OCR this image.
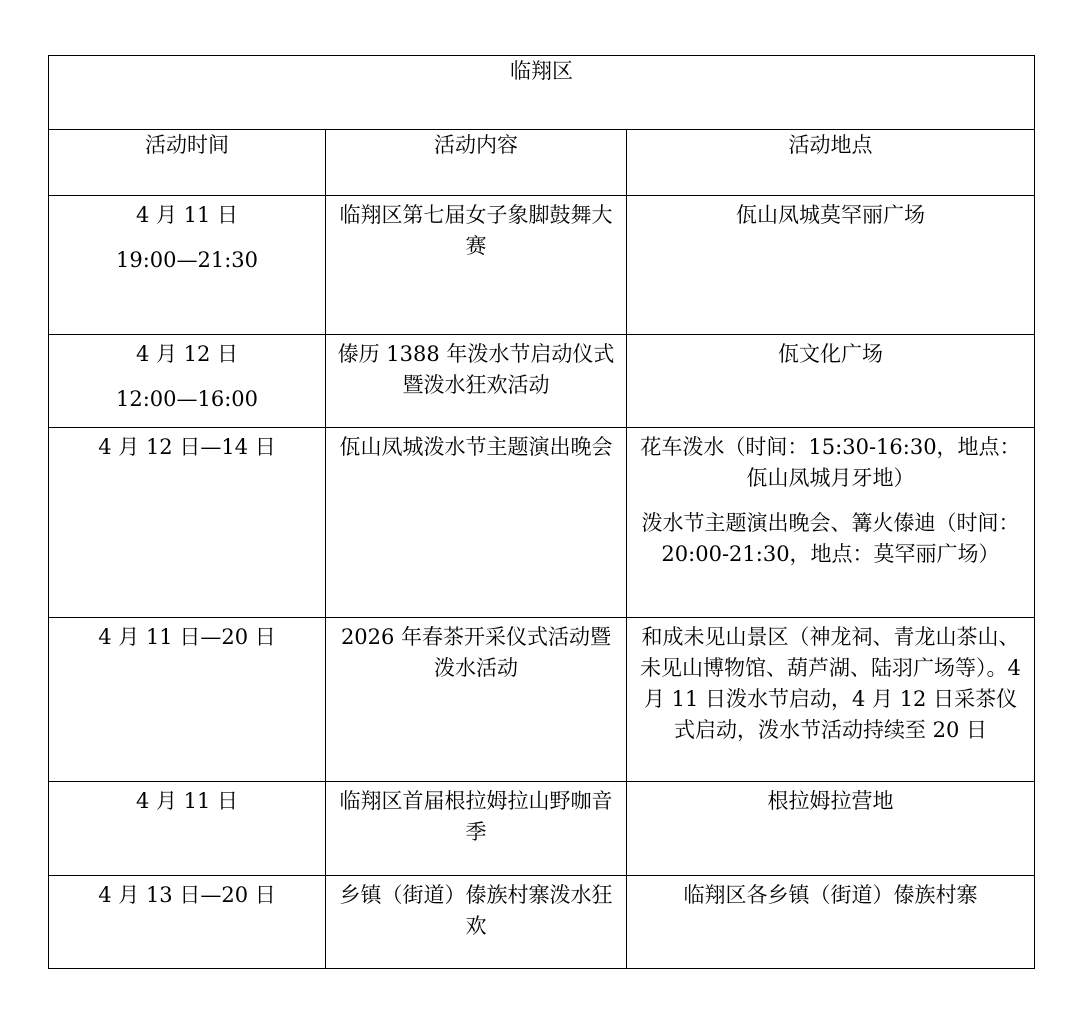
临翔区		
活动时间	活动内容	活动地点

4 月 11 日
19:00—21:30	临翔区第七届女子象脚鼓舞大赛	佤山凤城莫罕丽广场

4 月 12 日
12:00—16:00	傣历 1388 年泼水节启动仪式暨泼水狂欢活动	佤文化广场

4 月 12 日—14 日	佤山凤城泼水节主题演出晚会	花车泼水（时间：15:30-16:30，地点：佤山凤城月牙地）
泼水节主题演出晚会、篝火傣迪（时间：20:00-21:30，地点：莫罕丽广场）

4 月 11 日—20 日	2026 年春茶开采仪式活动暨泼水活动	和成未见山景区（神龙祠、青龙山茶山、未见山博物馆、葫芦湖、陆羽广场等）。4 月 11 日泼水节启动，4 月 12 日采茶仪式启动，泼水节活动持续至 20 日

4 月 11 日	临翔区首届根拉姆拉山野咖音季	根拉姆拉营地

4 月 13 日—20 日	乡镇（街道）傣族村寨泼水狂欢	临翔区各乡镇（街道）傣族村寨
